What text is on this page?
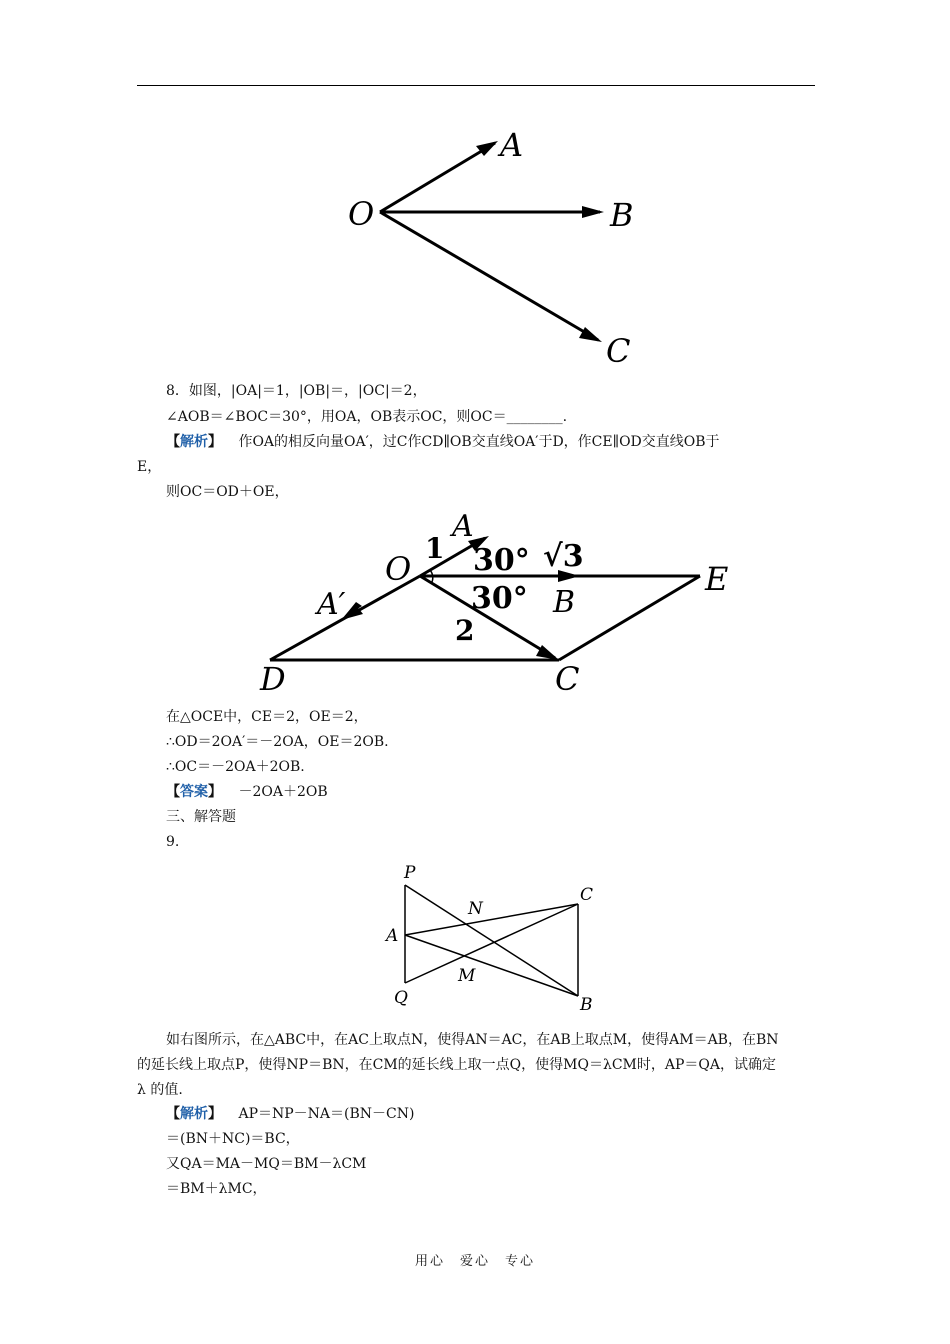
O
A
B
C
8．如图，|OA|＝1，|OB|＝，|OC|＝2，
∠AOB＝∠BOC＝30°，用OA，OB表示OC，则OC＝________.
【解析】 作OA的相反向量OA′，过C作CD∥OB交直线OA′于D，作CE∥OD交直线OB于
E，
则OC＝OD＋OE，
O
A
1 30° √3
E
30° B
2
A′
D	C
在△OCE中，CE＝2，OE＝2，
∴OD＝2OA′＝－2OA，OE＝2OB.
∴OC＝－2OA＋2OB.
【答案】 －2OA＋2OB
三、解答题
9.
P
A
Q
N
M
C
B
如右图所示，在△ABC中，在AC上取点N，使得AN＝AC，在AB上取点M，使得AM＝AB，在BN
的延长线上取点P，使得NP＝BN，在CM的延长线上取一点Q，使得MQ＝λCM时，AP＝QA，试确定
λ 的值.
【解析】 AP＝NP－NA＝(BN－CN)
＝(BN＋NC)＝BC，
又QA＝MA－MQ＝BM－λCM
＝BM＋λMC，
用心　爱心　专心
